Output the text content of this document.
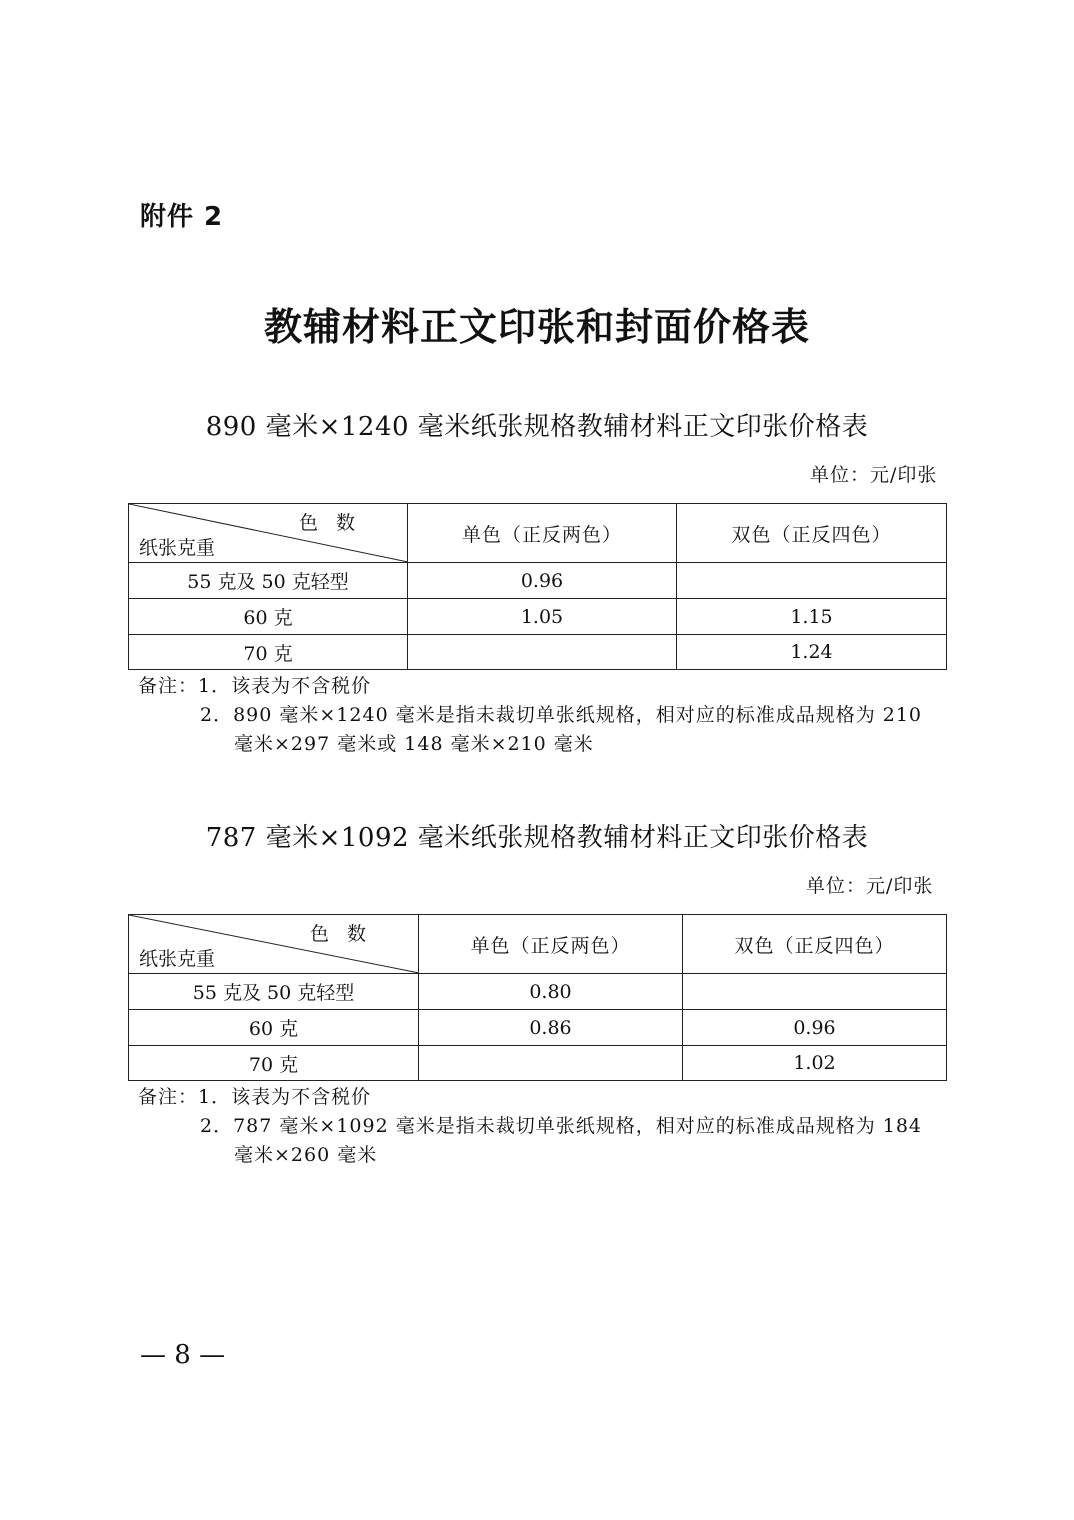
附件 2
教辅材料正文印张和封面价格表
890 毫米×1240 毫米纸张规格教辅材料正文印张价格表
单位：元/印张
色数
纸张克重	单色（正反两色）	双色（正反四色）
55 克及 50 克轻型	0.96	
60 克	1.05	1.15
70 克		1.24
备注：1．该表为不含税价
2．890 毫米×1240 毫米是指未裁切单张纸规格，相对应的标准成品规格为 210
毫米×297 毫米或 148 毫米×210 毫米
787 毫米×1092 毫米纸张规格教辅材料正文印张价格表
单位：元/印张
色数
纸张克重	单色（正反两色）	双色（正反四色）
55 克及 50 克轻型	0.80	
60 克	0.86	0.96
70 克		1.02
备注：1．该表为不含税价
2．787 毫米×1092 毫米是指未裁切单张纸规格，相对应的标准成品规格为 184
毫米×260 毫米
— 8 —
